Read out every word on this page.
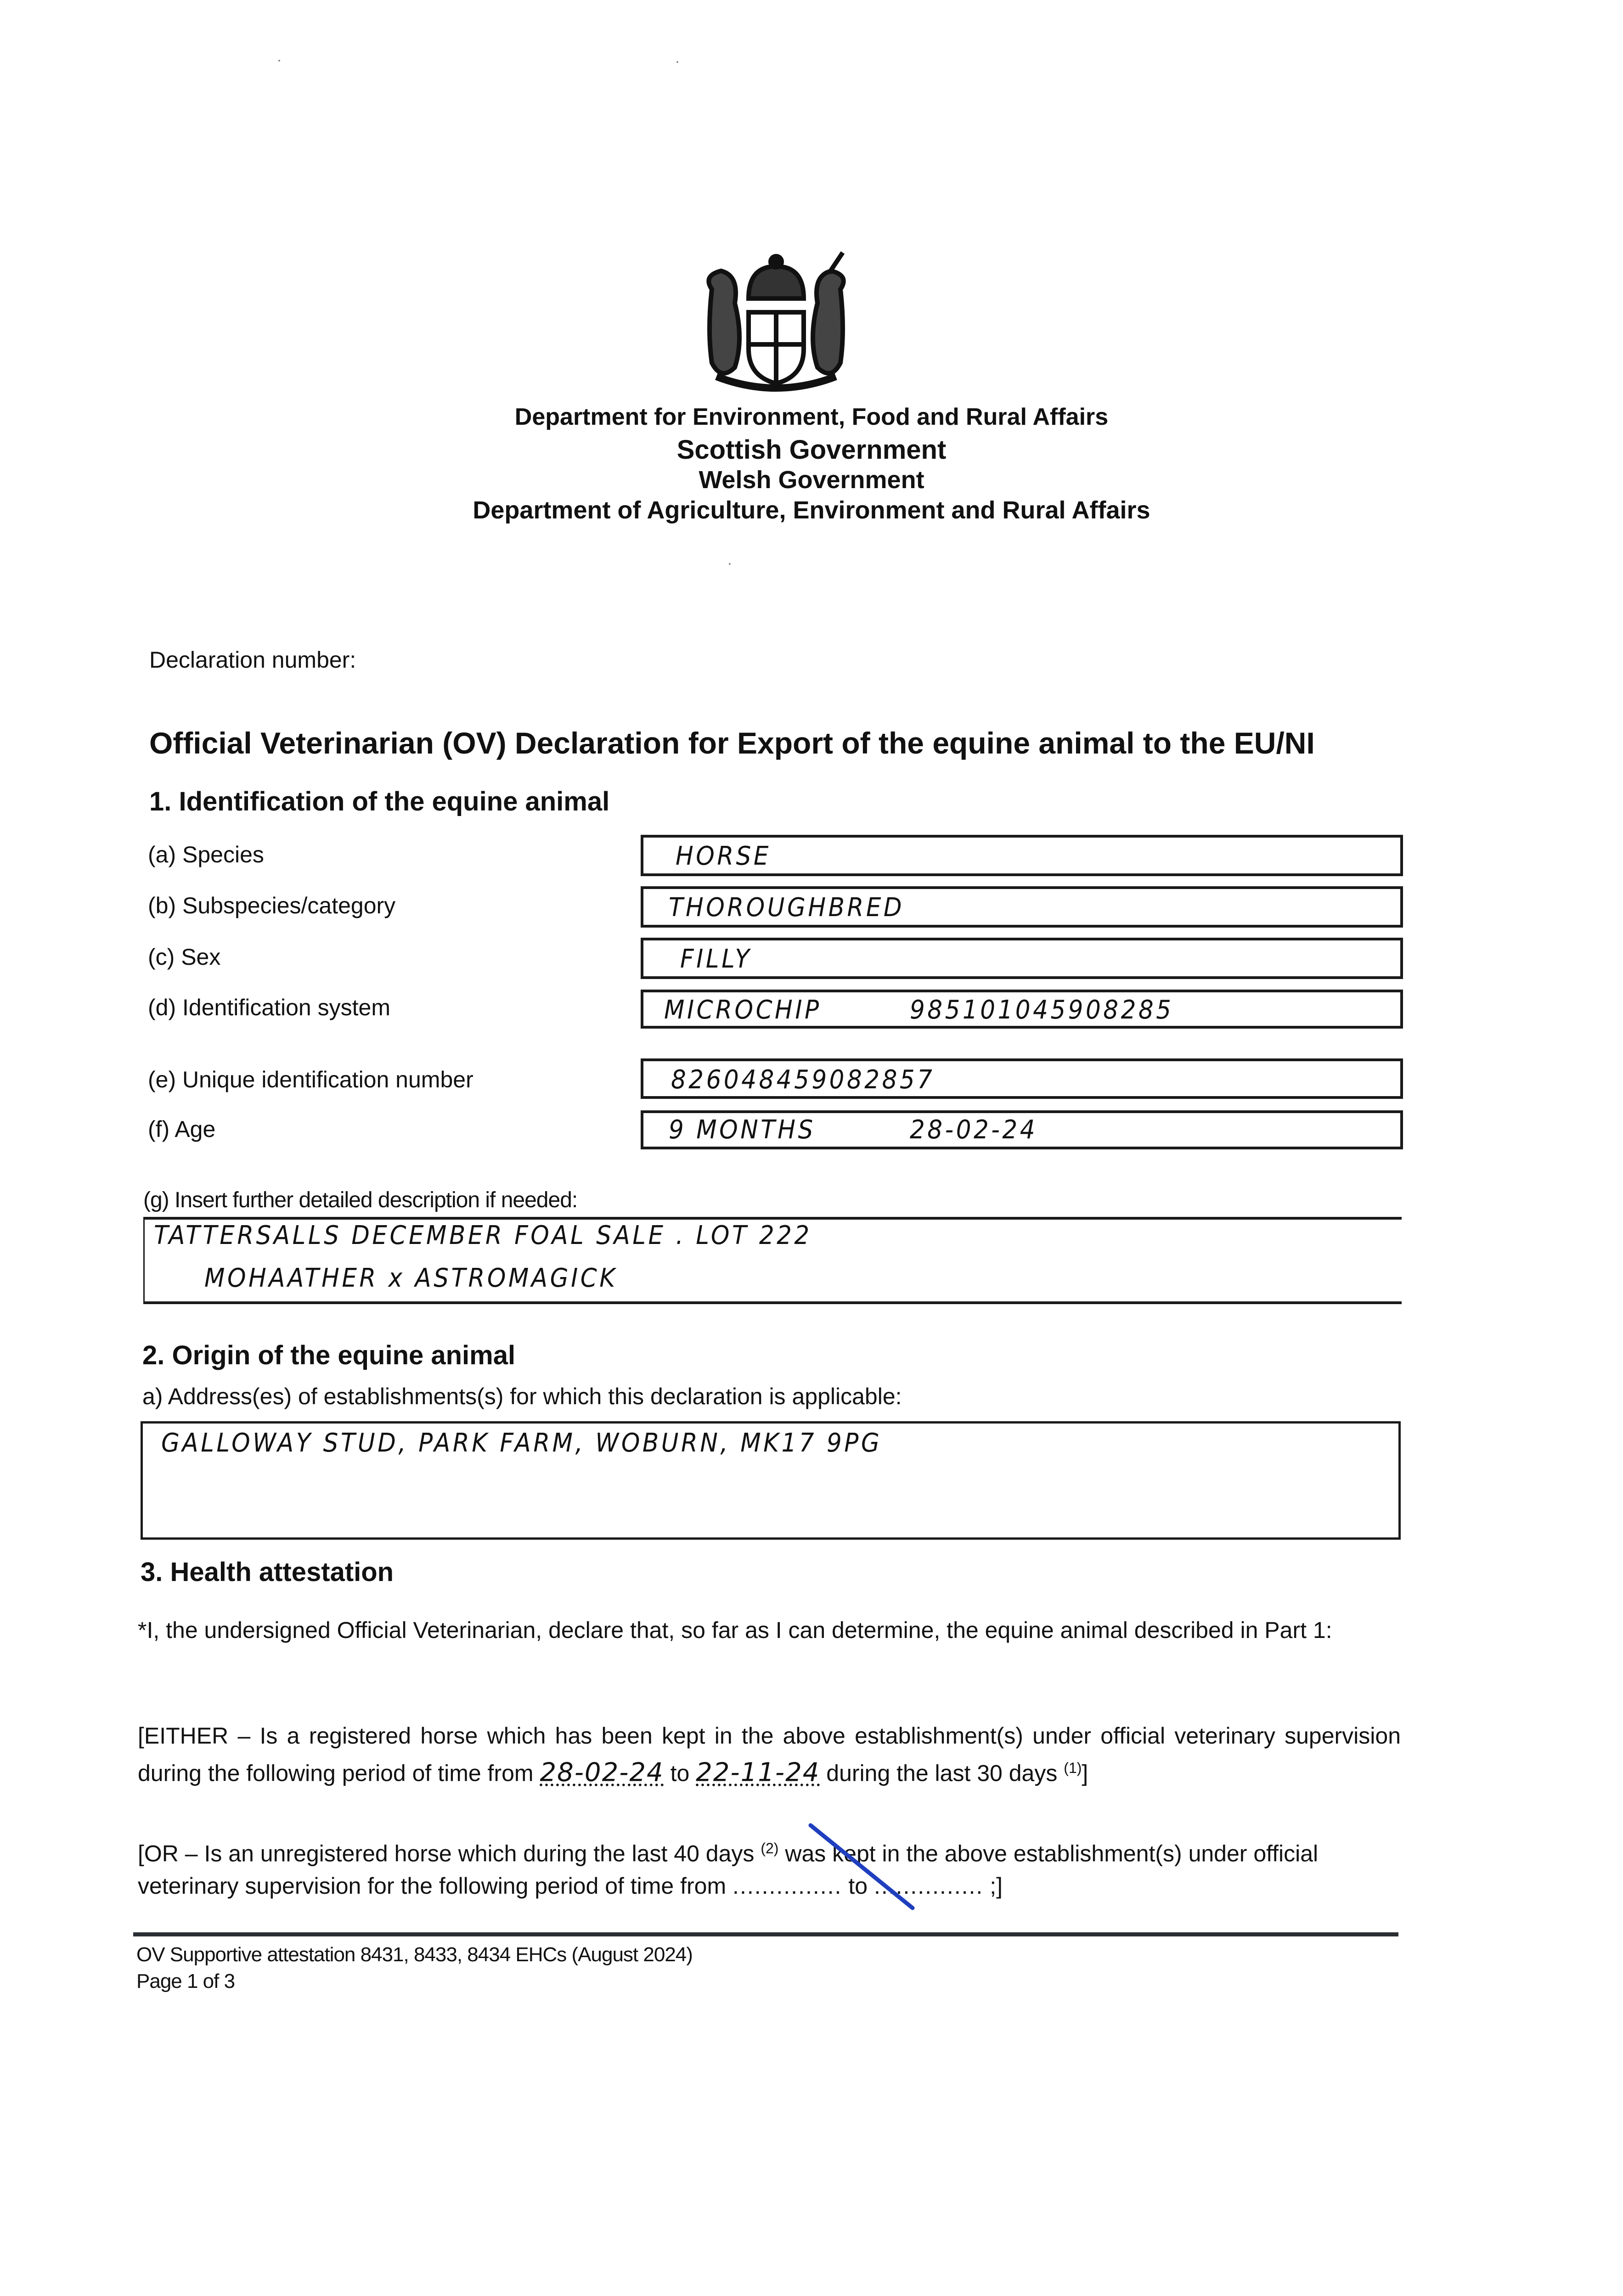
Department for Environment, Food and Rural Affairs
Scottish Government
Welsh Government
Department of Agriculture, Environment and Rural Affairs
Declaration number:
Official Veterinarian (OV) Declaration for Export of the equine animal to the EU/NI
1. Identification of the equine animal
(a) Species	HORSE
(b) Subspecies/category	THOROUGHBRED
(c) Sex	FILLY
(d) Identification system	MICROCHIP	985101045908285
(e) Unique identification number	826048459082857
(f) Age	9 MONTHS	28-02-24
(g) Insert further detailed description if needed:
TATTERSALLS DECEMBER FOAL SALE . LOT 222
MOHAATHER x ASTROMAGICK
2. Origin of the equine animal
a) Address(es) of establishments(s) for which this declaration is applicable:
GALLOWAY STUD, PARK FARM, WOBURN, MK17 9PG
3. Health attestation
*I, the undersigned Official Veterinarian, declare that, so far as I can determine, the equine animal described in Part 1:
[EITHER – Is a registered horse which has been kept in the above establishment(s) under official veterinary supervision during the following period of time from 28-02-24 to 22-11-24 during the last 30 days $^{(1)}$]
[OR – Is an unregistered horse which during the last 40 days $^{(2)}$ was kept in the above establishment(s) under official veterinary supervision for the following period of time from ............... to ............... ;]
OV Supportive attestation 8431, 8433, 8434 EHCs (August 2024)
Page 1 of 3
